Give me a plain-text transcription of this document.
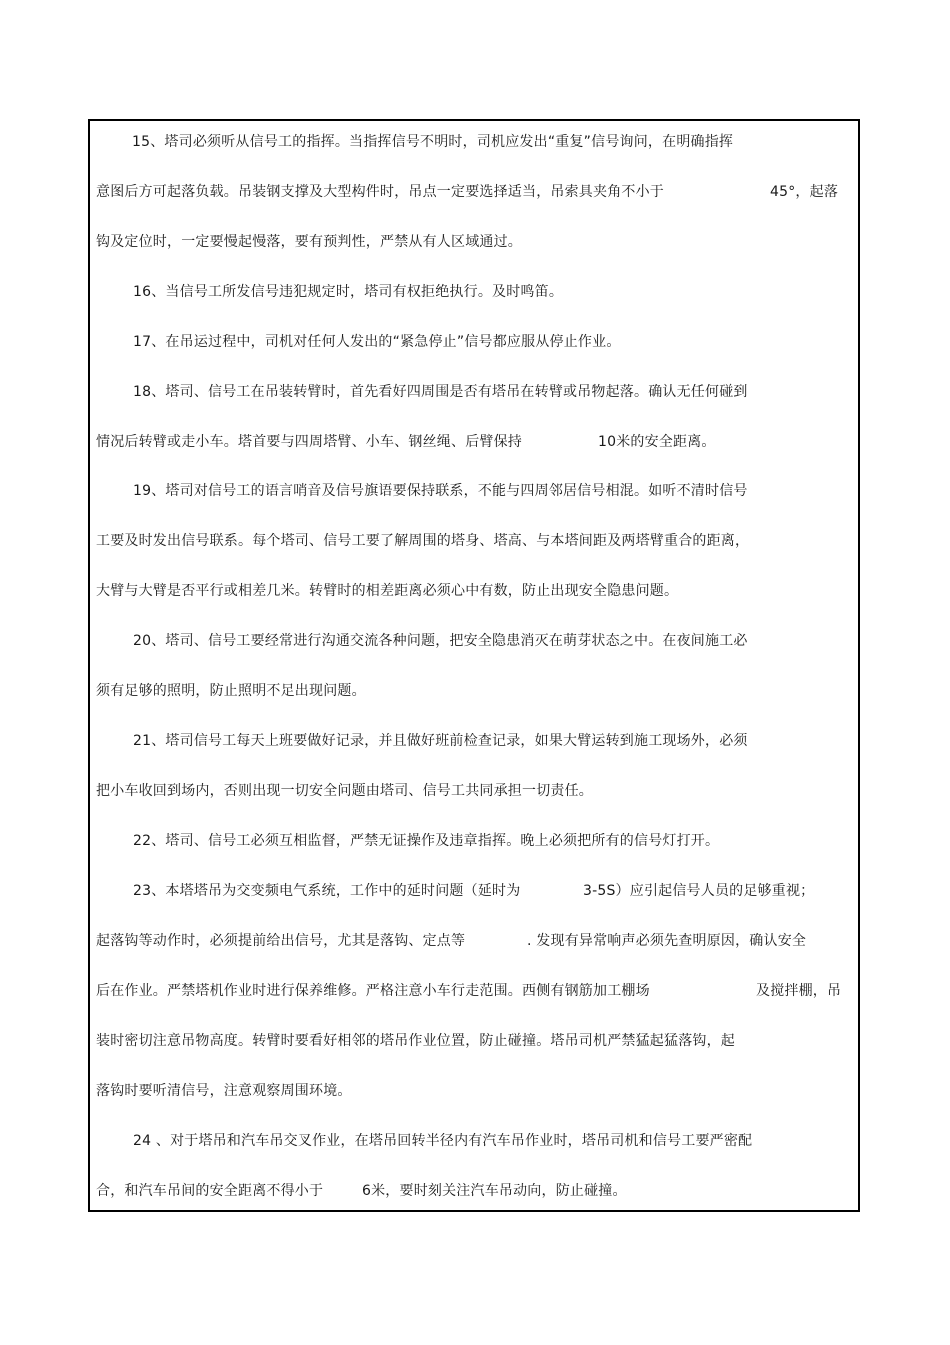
15、塔司必须听从信号工的指挥。当指挥信号不明时，司机应发出“重复”信号询问，在明确指挥
意图后方可起落负载。吊装钢支撑及大型构件时，吊点一定要选择适当，吊索具夹角不小于	45°，起落
钩及定位时，一定要慢起慢落，要有预判性，严禁从有人区域通过。
16、当信号工所发信号违犯规定时，塔司有权拒绝执行。及时鸣笛。
17、在吊运过程中，司机对任何人发出的“紧急停止”信号都应服从停止作业。
18、塔司、信号工在吊装转臂时，首先看好四周围是否有塔吊在转臂或吊物起落。确认无任何碰到
情况后转臂或走小车。塔首要与四周塔臂、小车、钢丝绳、后臂保持	10米的安全距离。
19、塔司对信号工的语言哨音及信号旗语要保持联系，不能与四周邻居信号相混。如听不清时信号
工要及时发出信号联系。每个塔司、信号工要了解周围的塔身、塔高、与本塔间距及两塔臂重合的距离，
大臂与大臂是否平行或相差几米。转臂时的相差距离必须心中有数，防止出现安全隐患问题。
20、塔司、信号工要经常进行沟通交流各种问题，把安全隐患消灭在萌芽状态之中。在夜间施工必
须有足够的照明，防止照明不足出现问题。
21、塔司信号工每天上班要做好记录，并且做好班前检查记录，如果大臂运转到施工现场外，必须
把小车收回到场内，否则出现一切安全问题由塔司、信号工共同承担一切责任。
22、塔司、信号工必须互相监督，严禁无证操作及违章指挥。晚上必须把所有的信号灯打开。
23、本塔塔吊为交变频电气系统，工作中的延时问题（延时为	3-5S）应引起信号人员的足够重视；
起落钩等动作时，必须提前给出信号，尤其是落钩、定点等	. 发现有异常响声必须先查明原因，确认安全
后在作业。严禁塔机作业时进行保养维修。严格注意小车行走范围。西侧有钢筋加工棚场	及搅拌棚，吊
装时密切注意吊物高度。转臂时要看好相邻的塔吊作业位置，防止碰撞。塔吊司机严禁猛起猛落钩，起
落钩时要听清信号，注意观察周围环境。
24 、对于塔吊和汽车吊交叉作业，在塔吊回转半径内有汽车吊作业时，塔吊司机和信号工要严密配
合，和汽车吊间的安全距离不得小于	6米，要时刻关注汽车吊动向，防止碰撞。
